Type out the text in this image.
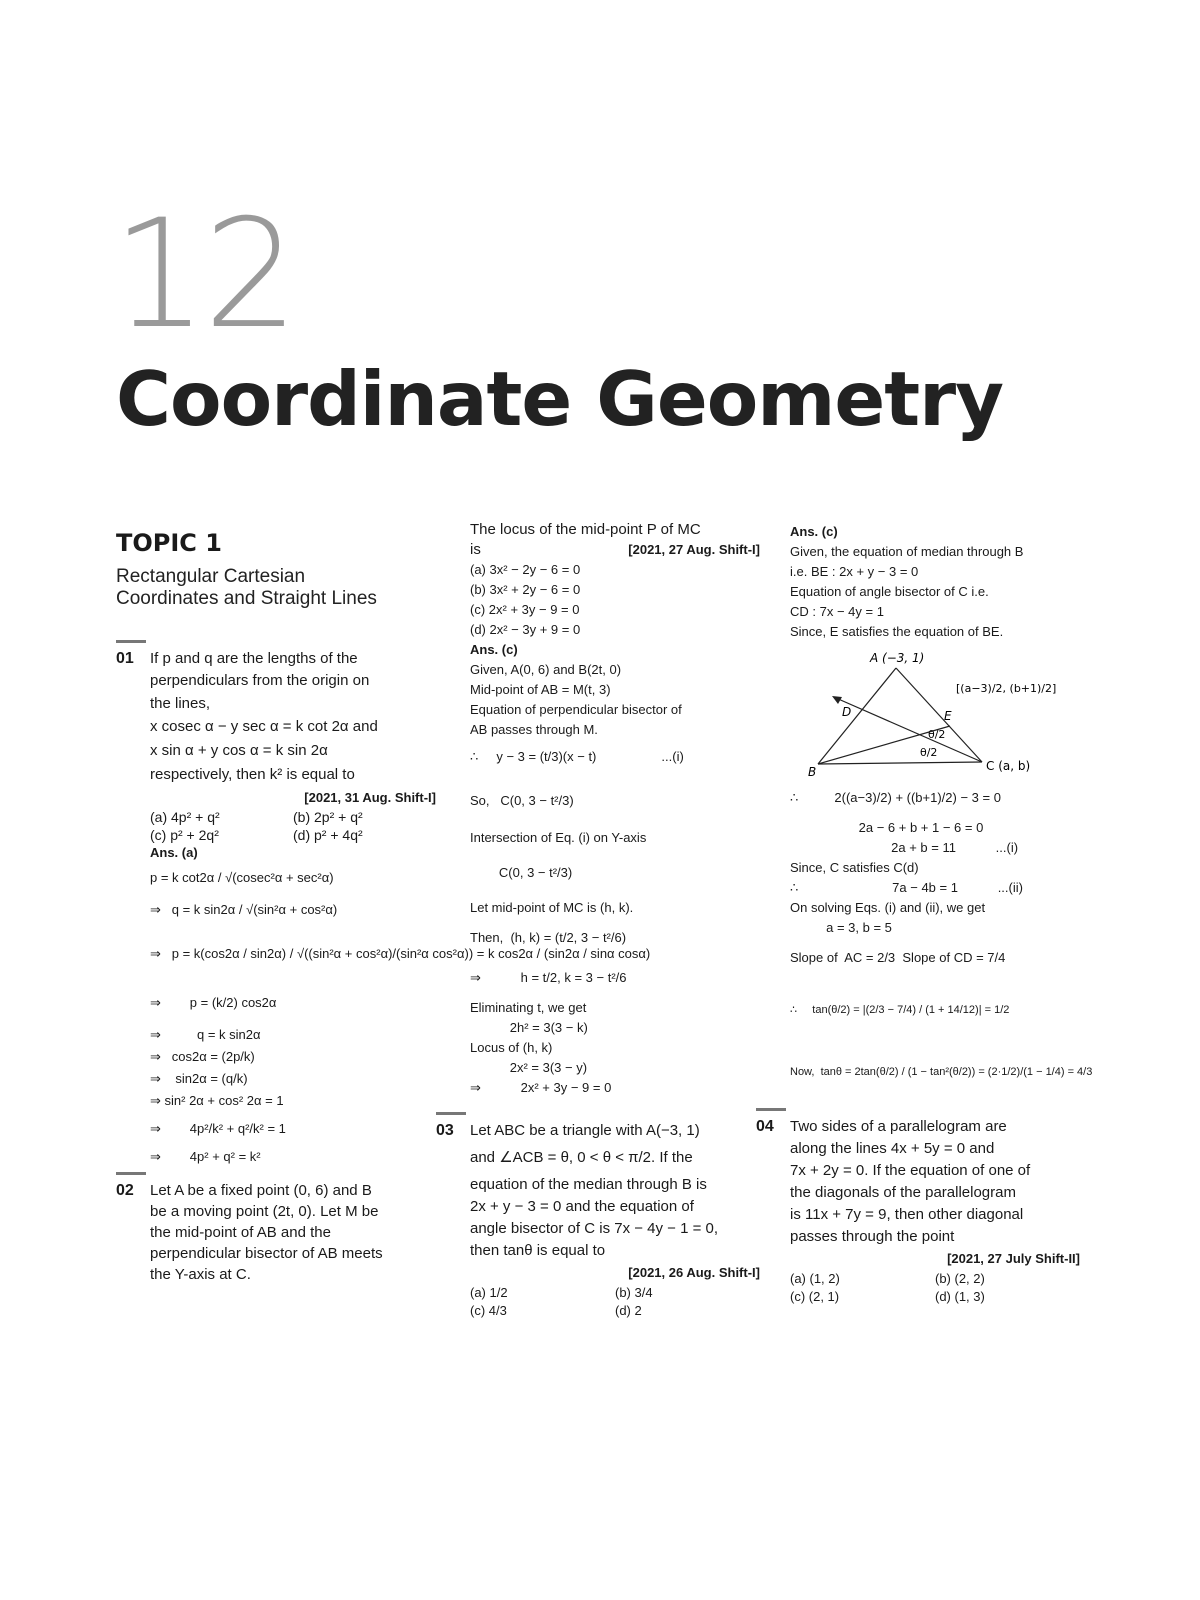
12
Coordinate Geometry
TOPIC 1
Rectangular Cartesian
Coordinates and Straight Lines
01 If p and q are the lengths of the
perpendiculars from the origin on
the lines,
x cosec α − y sec α = k cot 2α and
x sin α + y cos α = k sin 2α
respectively, then k² is equal to
[2021, 31 Aug. Shift-I]
(a) 4p² + q²	(b) 2p² + q²
(c) p² + 2q²	(d) p² + 4q²
Ans. (a)
p = k cot2α / √(cosec²α + sec²α)
⇒   q = k sin2α / √(sin²α + cos²α)
⇒   p = k(cos2α / sin2α) / √((sin²α + cos²α)/(sin²α cos²α)) = k cos2α / (sin2α / sinα cosα)
⇒        p = (k/2) cos2α
⇒          q = k sin2α
⇒   cos2α = (2p/k)
⇒    sin2α = (q/k)
⇒ sin² 2α + cos² 2α = 1
⇒        4p²/k² + q²/k² = 1
⇒        4p² + q² = k²
02 Let A be a fixed point (0, 6) and B
be a moving point (2t, 0). Let M be
the mid-point of AB and the
perpendicular bisector of AB meets
the Y-axis at C.
The locus of the mid-point P of MC
is	[2021, 27 Aug. Shift-I]
(a) 3x² − 2y − 6 = 0
(b) 3x² + 2y − 6 = 0
(c) 2x² + 3y − 9 = 0
(d) 2x² − 3y + 9 = 0
Ans. (c)
Given, A(0, 6) and B(2t, 0)
Mid-point of AB = M(t, 3)
Equation of perpendicular bisector of
AB passes through M.
∴     y − 3 = (t/3)(x − t)                  ...(i)
So,   C(0, 3 − t²/3)
Intersection of Eq. (i) on Y-axis
C(0, 3 − t²/3)
Let mid-point of MC is (h, k).
Then,  (h, k) = (t/2, 3 − t²/6)
⇒           h = t/2, k = 3 − t²/6
Eliminating t, we get
2h² = 3(3 − k)
Locus of (h, k)
2x² = 3(3 − y)
⇒           2x² + 3y − 9 = 0
03 Let ABC be a triangle with A(−3, 1)
and ∠ACB = θ, 0 < θ < π/2. If the
equation of the median through B is
2x + y − 3 = 0 and the equation of
angle bisector of C is 7x − 4y − 1 = 0,
then tanθ is equal to
[2021, 26 Aug. Shift-I]
(a) 1/2	(b) 3/4
(c) 4/3	(d) 2
Ans. (c)
Given, the equation of median through B
i.e. BE : 2x + y − 3 = 0
Equation of angle bisector of C i.e.
CD : 7x − 4y = 1
Since, E satisfies the equation of BE.
A (−3, 1)
B	C (a, b)
D	E
θ/2
θ/2
[(a−3)/2, (b+1)/2]
∴          2((a−3)/2) + ((b+1)/2) − 3 = 0
2a − 6 + b + 1 − 6 = 0
2a + b = 11           ...(i)
Since, C satisfies C(d)
∴                          7a − 4b = 1           ...(ii)
On solving Eqs. (i) and (ii), we get
a = 3, b = 5
Slope of  AC = 2/3  Slope of CD = 7/4
∴     tan(θ/2) = |(2/3 − 7/4) / (1 + 14/12)| = 1/2
Now,  tanθ = 2tan(θ/2) / (1 − tan²(θ/2)) = (2·1/2)/(1 − 1/4) = 4/3
04 Two sides of a parallelogram are
along the lines 4x + 5y = 0 and
7x + 2y = 0. If the equation of one of
the diagonals of the parallelogram
is 11x + 7y = 9, then other diagonal
passes through the point
[2021, 27 July Shift-II]
(a) (1, 2)	(b) (2, 2)
(c) (2, 1)	(d) (1, 3)
